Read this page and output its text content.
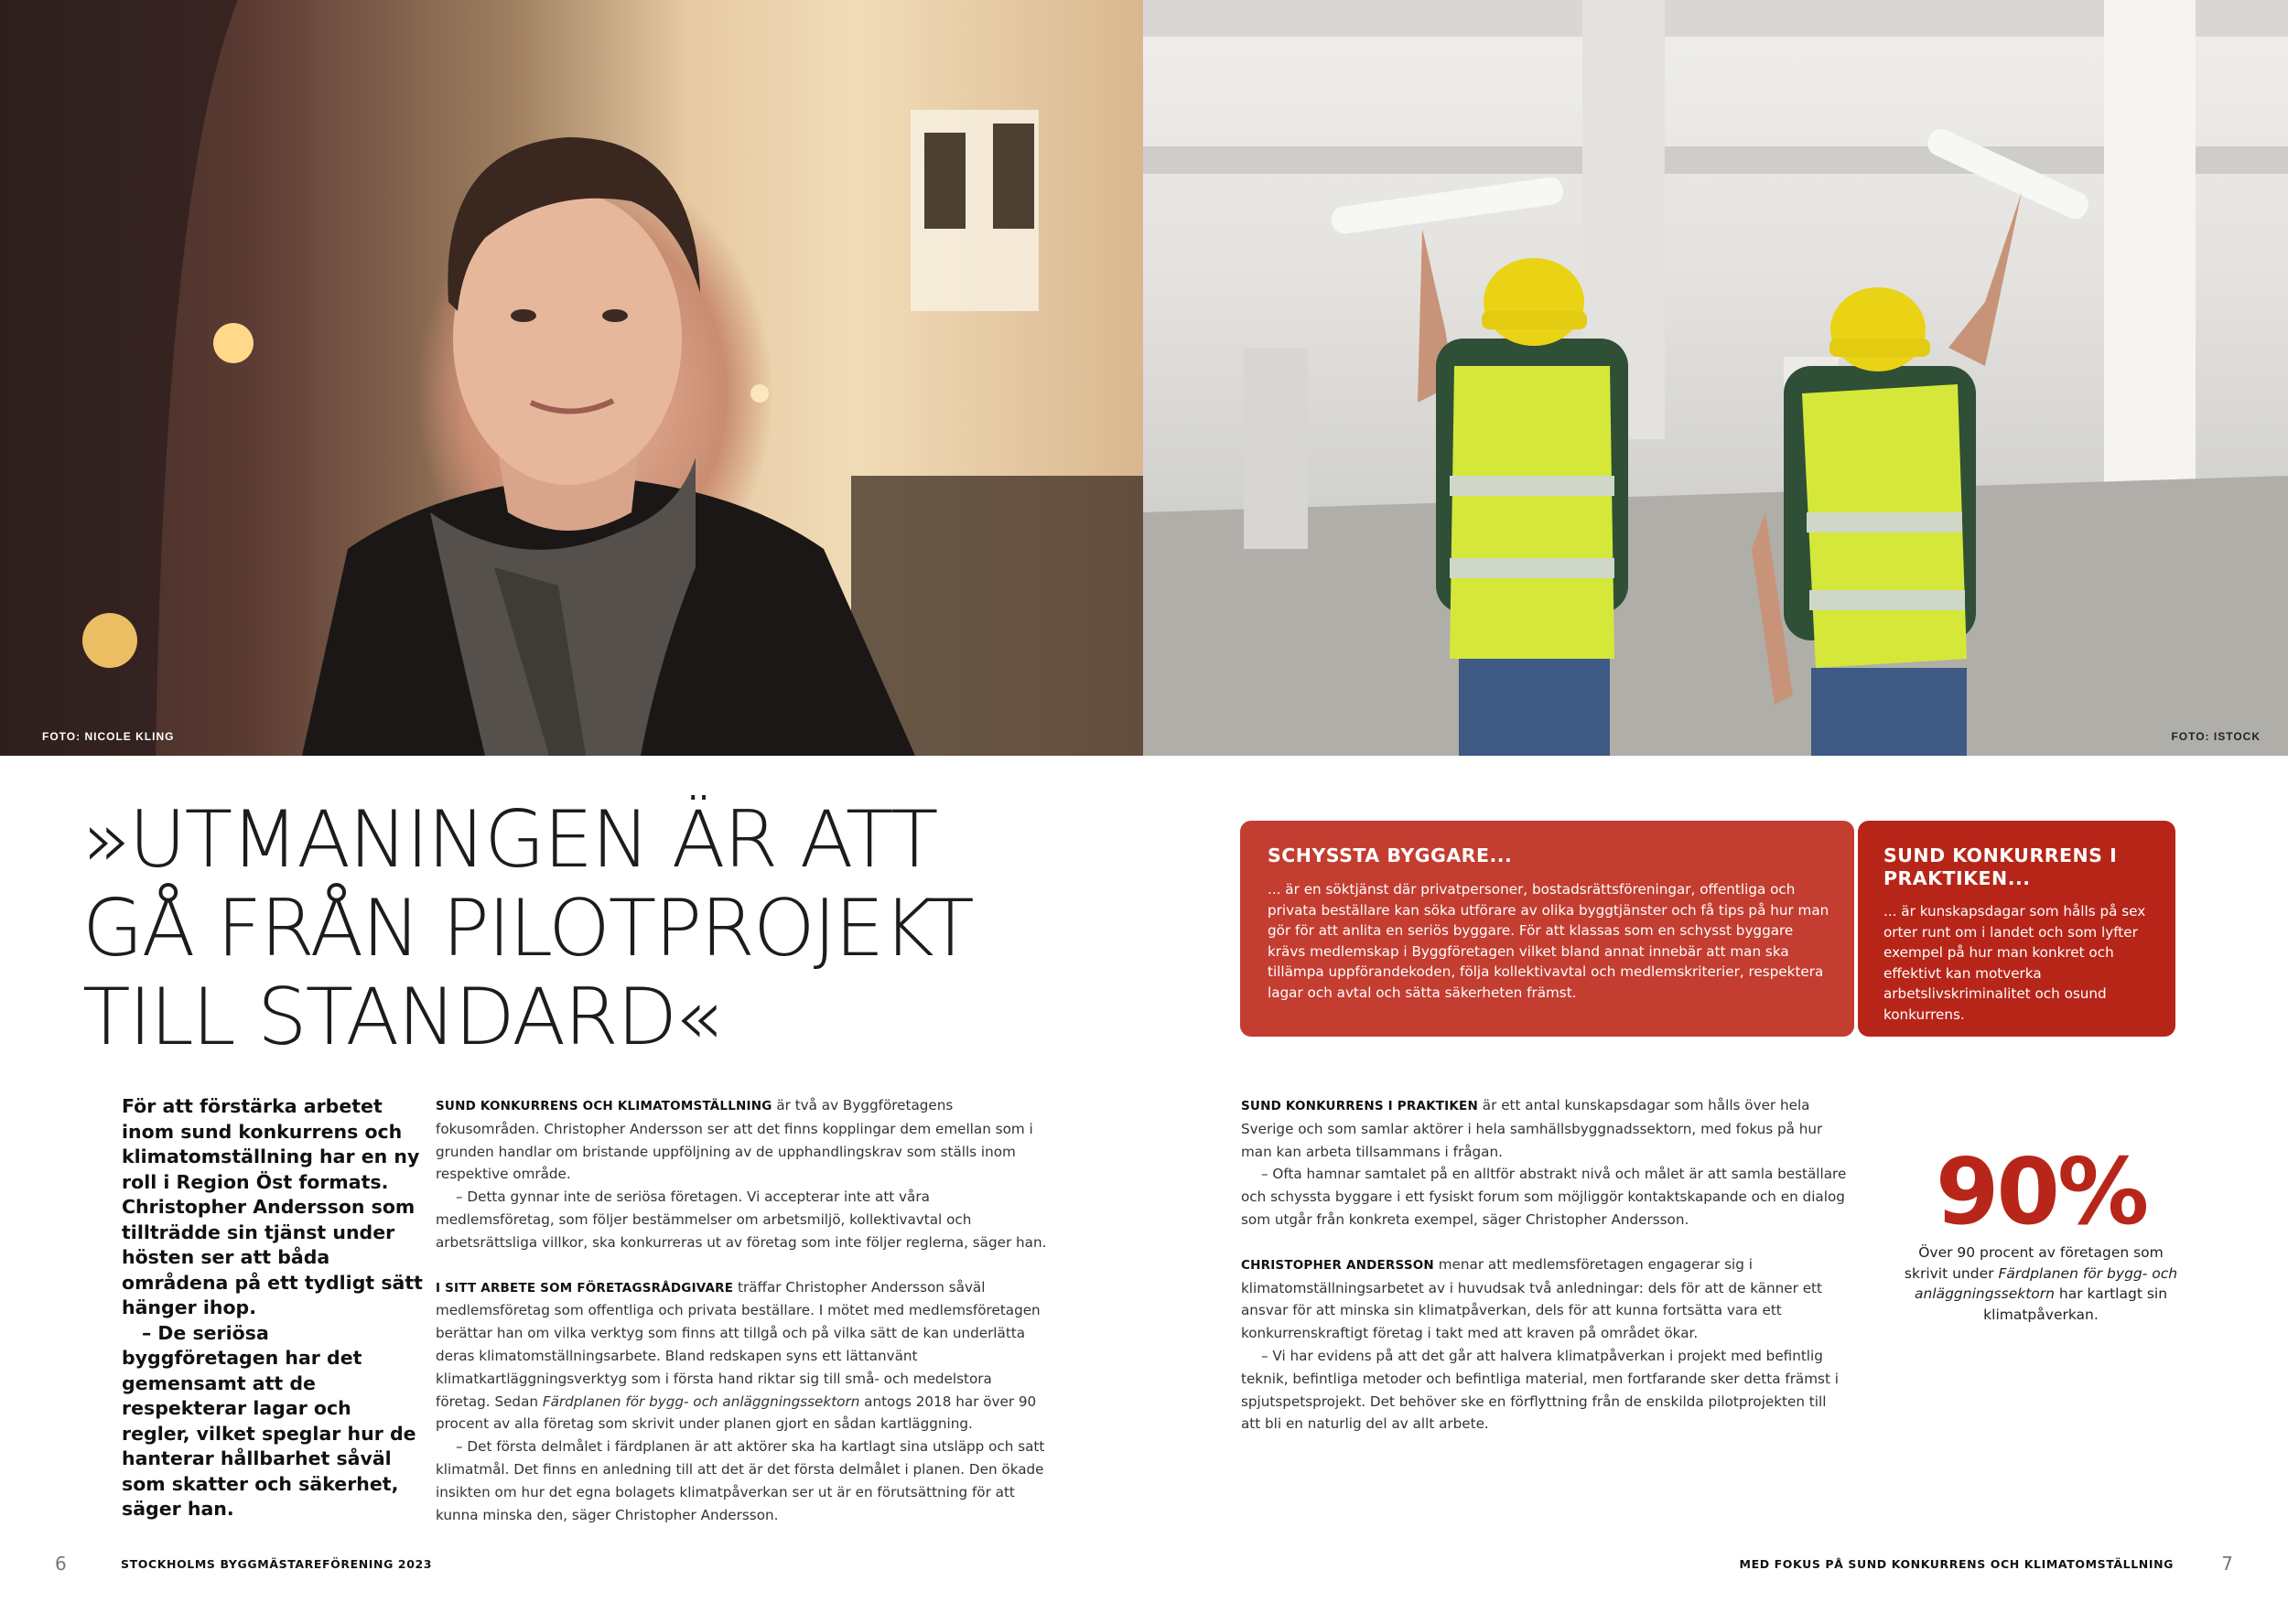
FOTO: NICOLE KLING	FOTO: ISTOCK
»UTMANINGEN ÄR ATT
GÅ FRÅN PILOTPROJEKT
TILL STANDARD«

För att förstärka arbetet inom sund konkurrens och klimatomställning har en ny roll i Region Öst formats. Christopher Andersson som tillträdde sin tjänst under hösten ser att båda områdena på ett tydligt sätt hänger ihop.

– De seriösa byggföretagen har det gemensamt att de respekterar lagar och regler, vilket speglar hur de hanterar hållbarhet såväl som skatter och säkerhet, säger han.

SUND KONKURRENS OCH KLIMATOMSTÄLLNING är två av Byggföretagens fokusområden. Christopher Andersson ser att det finns kopplingar dem emellan som i grunden handlar om bristande uppföljning av de upphandlingskrav som ställs inom respektive område.

– Detta gynnar inte de seriösa företagen. Vi accepterar inte att våra medlemsföretag, som följer bestämmelser om arbetsmiljö, kollektivavtal och arbetsrättsliga villkor, ska konkurreras ut av företag som inte följer reglerna, säger han.

I SITT ARBETE SOM FÖRETAGSRÅDGIVARE träffar Christopher Andersson såväl medlemsföretag som offentliga och privata beställare. I mötet med medlemsföretagen berättar han om vilka verktyg som finns att tillgå och på vilka sätt de kan underlätta deras klimatomställningsarbete. Bland redskapen syns ett lättanvänt klimatkartläggningsverktyg som i första hand riktar sig till små- och medelstora företag. Sedan Färdplanen för bygg- och anläggningssektorn antogs 2018 har över 90 procent av alla företag som skrivit under planen gjort en sådan kartläggning.

– Det första delmålet i färdplanen är att aktörer ska ha kartlagt sina utsläpp och satt klimatmål. Det finns en anledning till att det är det första delmålet i planen. Den ökade insikten om hur det egna bolagets klimatpåverkan ser ut är en förutsättning för att kunna minska den, säger Christopher Andersson.

SCHYSSTA BYGGARE...

... är en söktjänst där privatpersoner, bostadsrättsföreningar, offentliga och privata beställare kan söka utförare av olika byggtjänster och få tips på hur man gör för att anlita en seriös byggare. För att klassas som en schysst byggare krävs medlemskap i Byggföretagen vilket bland annat innebär att man ska tillämpa uppförandekoden, följa kollektivavtal och medlemskriterier, respektera lagar och avtal och sätta säkerheten främst.

SUND KONKURRENS I PRAKTIKEN...

... är kunskapsdagar som hålls på sex orter runt om i landet och som lyfter exempel på hur man konkret och effektivt kan motverka arbetslivskriminalitet och osund konkurrens.

SUND KONKURRENS I PRAKTIKEN är ett antal kunskapsdagar som hålls över hela Sverige och som samlar aktörer i hela samhällsbyggnadssektorn, med fokus på hur man kan arbeta tillsammans i frågan.

– Ofta hamnar samtalet på en alltför abstrakt nivå och målet är att samla beställare och schyssta byggare i ett fysiskt forum som möjliggör kontaktskapande och en dialog som utgår från konkreta exempel, säger Christopher Andersson.

CHRISTOPHER ANDERSSON menar att medlemsföretagen engagerar sig i klimatomställningsarbetet av i huvudsak två anledningar: dels för att de känner ett ansvar för att minska sin klimatpåverkan, dels för att kunna fortsätta vara ett konkurrenskraftigt företag i takt med att kraven på området ökar.

– Vi har evidens på att det går att halvera klimatpåverkan i projekt med befintlig teknik, befintliga metoder och befintliga material, men fortfarande sker detta främst i spjutspetsprojekt. Det behöver ske en förflyttning från de enskilda pilotprojekten till att bli en naturlig del av allt arbete.

90%

Över 90 procent av företagen som skrivit under Färdplanen för bygg- och anläggningssektorn har kartlagt sin klimatpåverkan.

6	STOCKHOLMS BYGGMÄSTAREFÖRENING 2023	MED FOKUS PÅ SUND KONKURRENS OCH KLIMATOMSTÄLLNING	7
